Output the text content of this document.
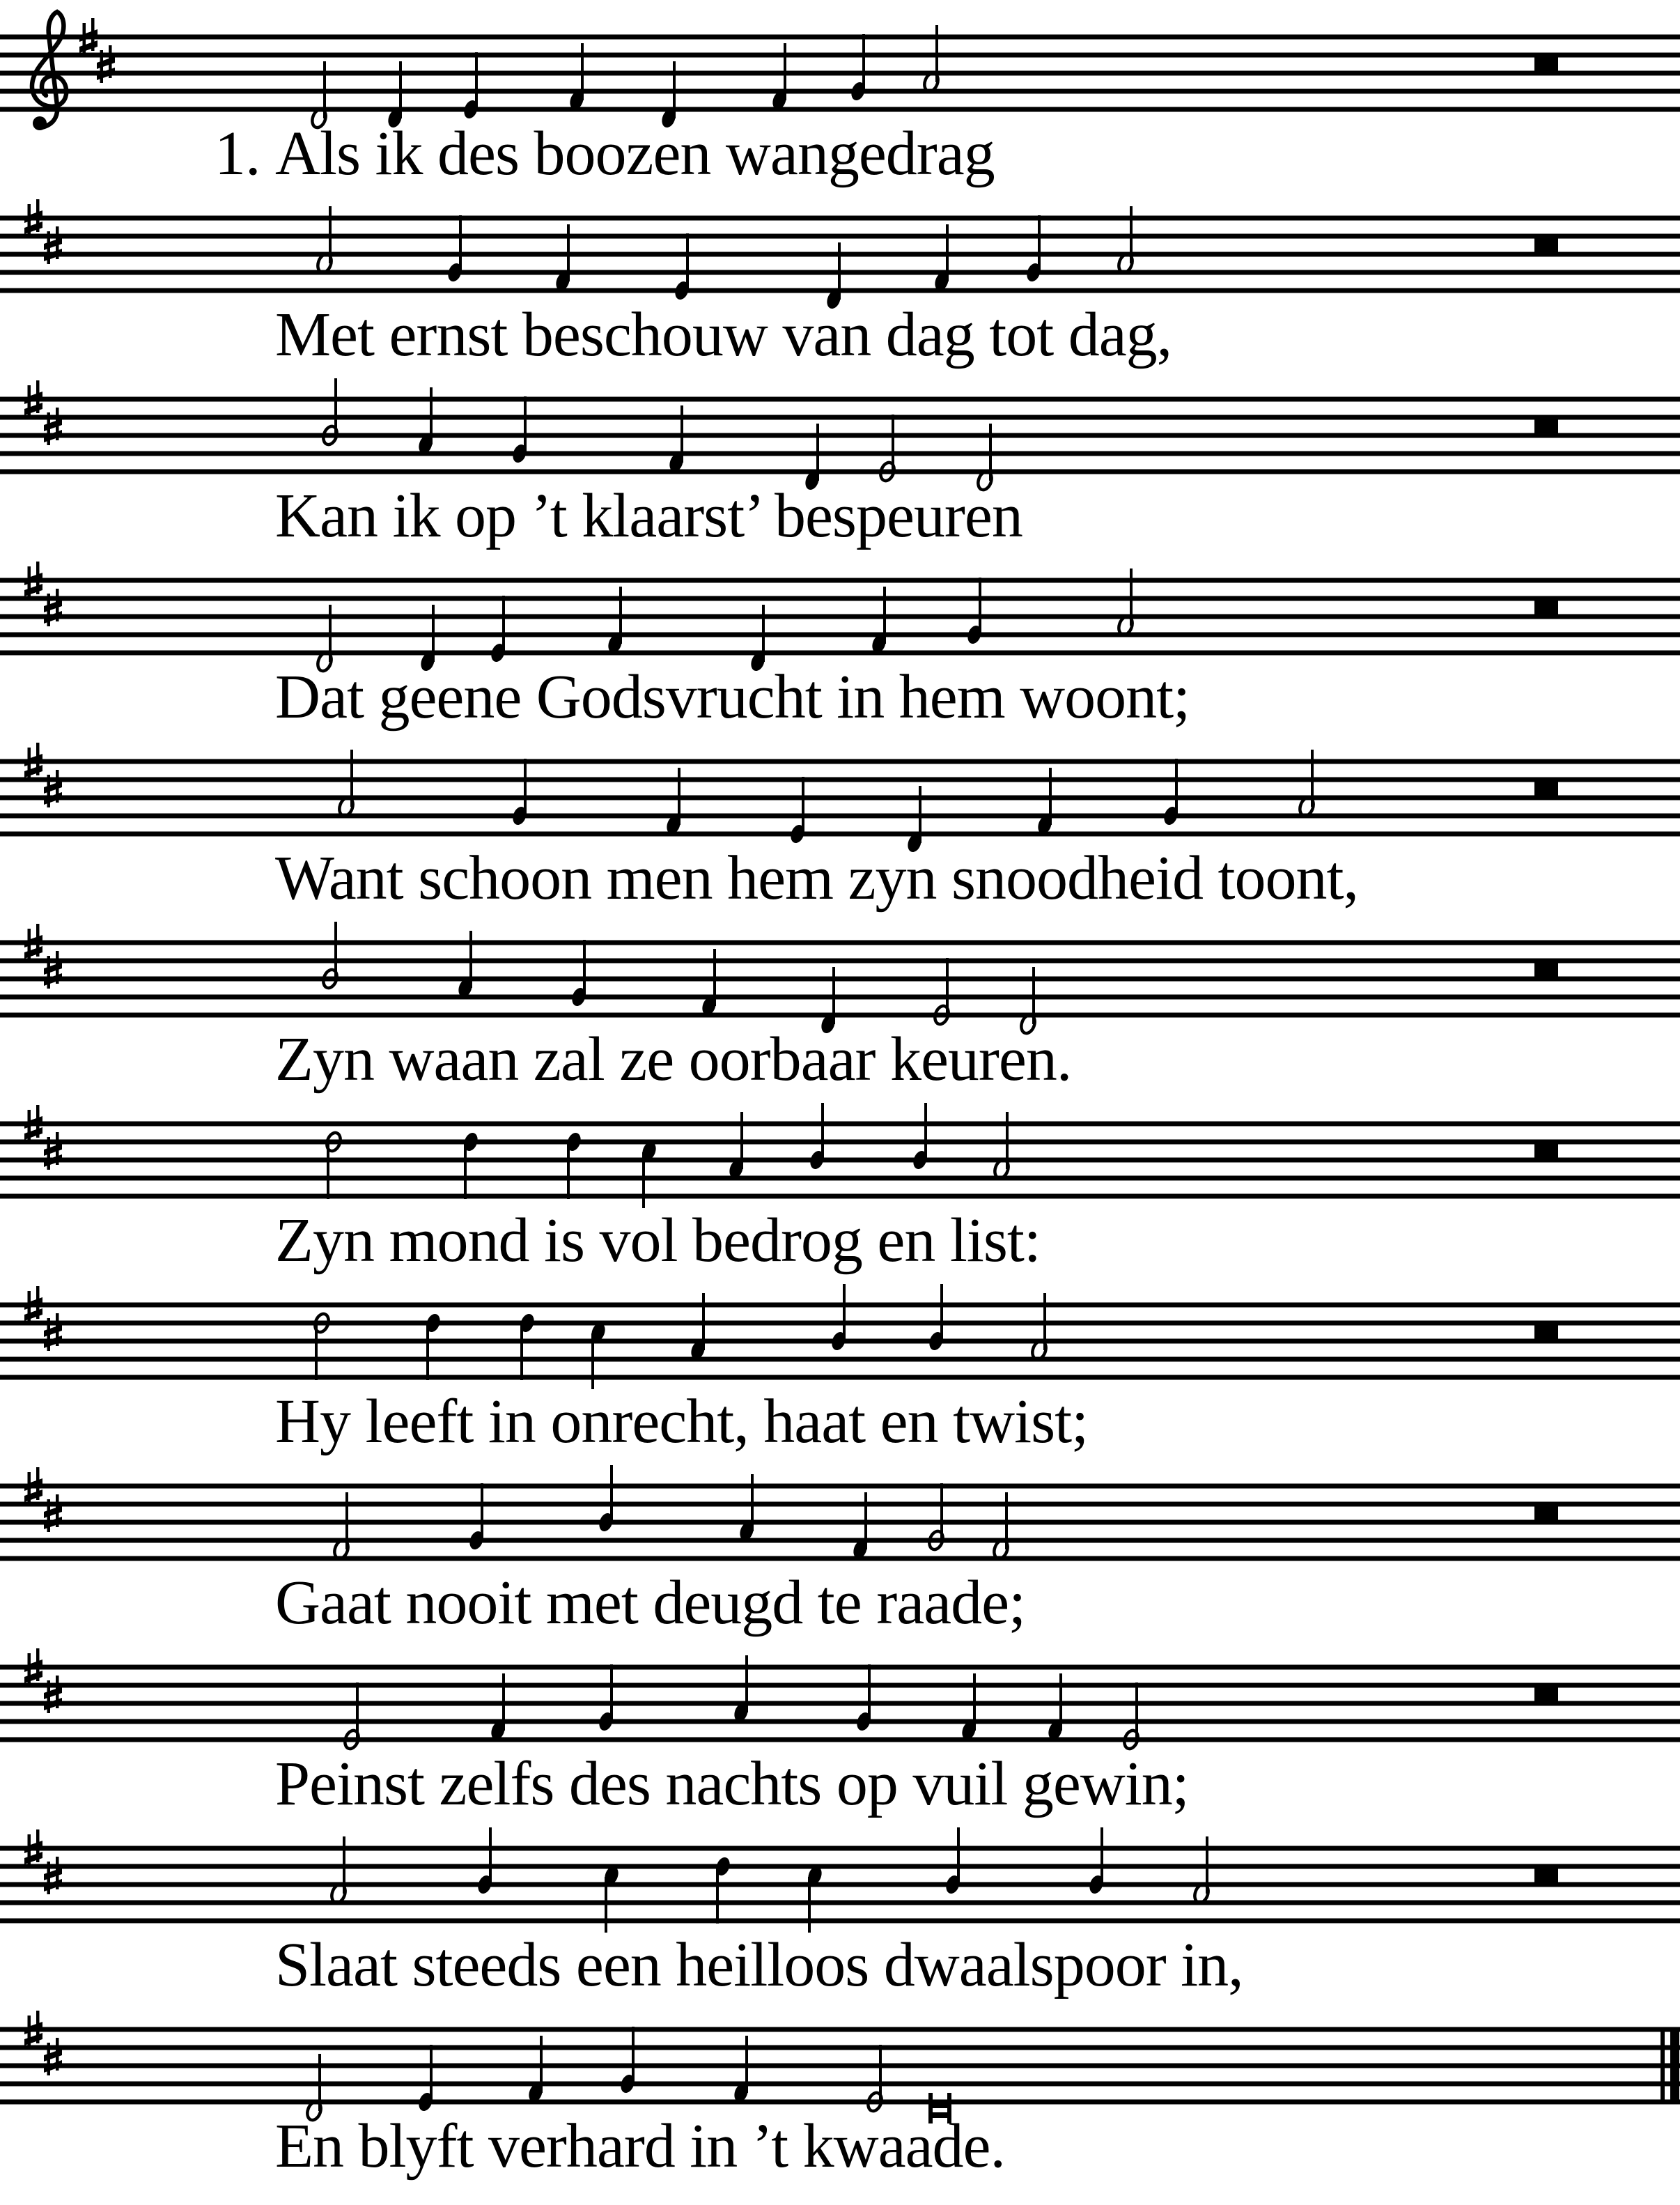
Als ik des boozen wangedrag
1.
Met ernst beschouw van dag tot dag,
Kan ik op ’t klaarst’ bespeuren
Dat geene Godsvrucht in hem woont;
Want schoon men hem zyn snoodheid toont,
Zyn waan zal ze oorbaar keuren.
Zyn mond is vol bedrog en list:
Hy leeft in onrecht, haat en twist;
Gaat nooit met deugd te raade;
Peinst zelfs des nachts op vuil gewin;
Slaat steeds een heilloos dwaalspoor in,
En blyft verhard in ’t kwaade.
